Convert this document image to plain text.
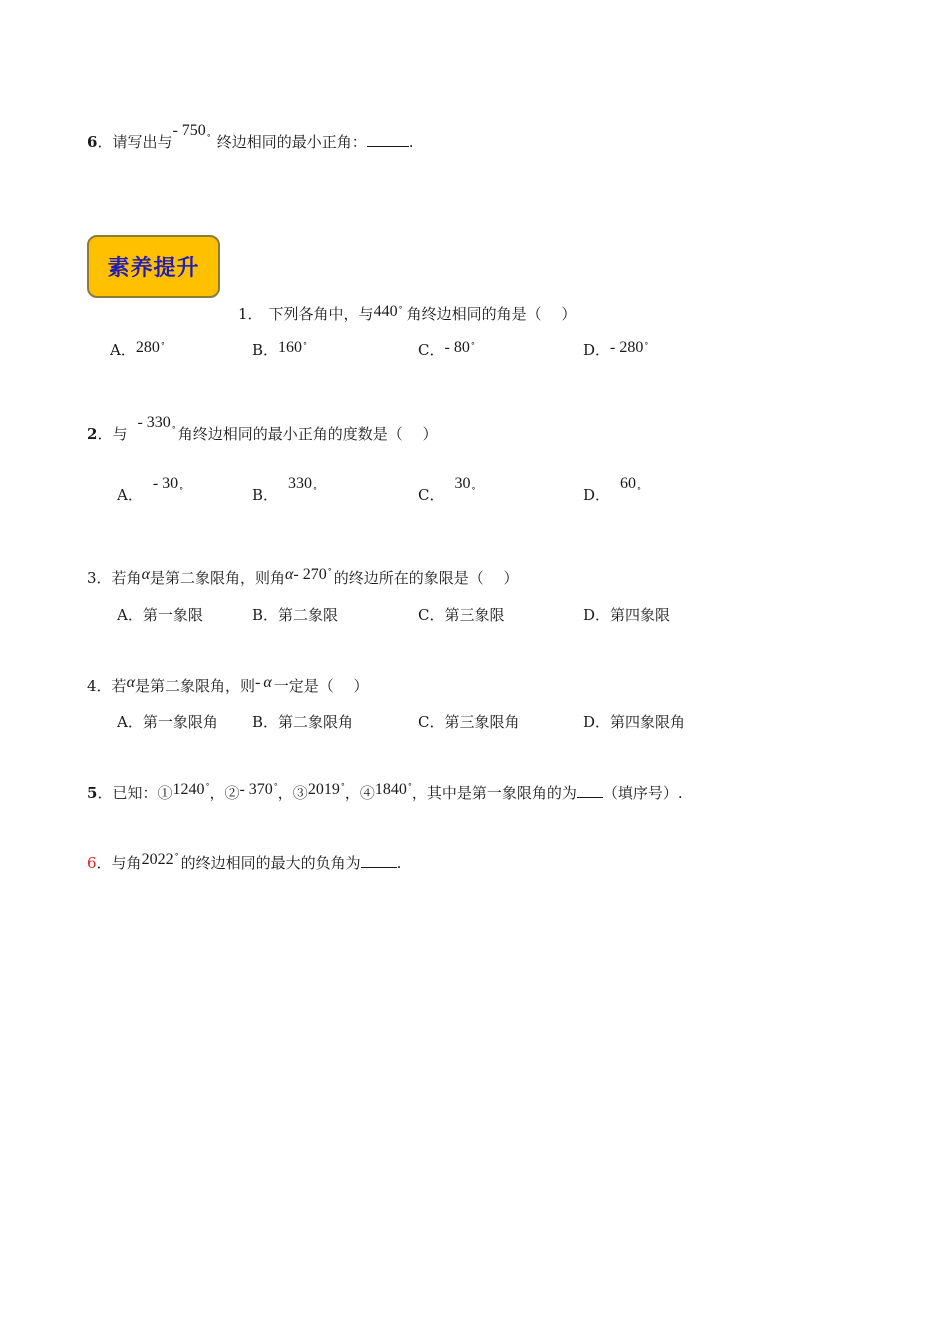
6．请写出与- 750° 终边相同的最小正角：	.
素养提升
1． 下列各角中，与440° 角终边相同的角是（　 ）
A．280°	B．160°	C．- 80°	D．- 280°
2．与- 330° 角终边相同的最小正角的度数是（　 ）
A．- 30°	B．330°	C．30°	D．60°
3．若角α是第二象限角，则角α- 270° 的终边所在的象限是（　 ）
A．第一象限	B．第二象限	C．第三象限	D．第四象限
4．若α是第二象限角，则- α 一定是（　 ）
A．第一象限角 B．第二象限角	C．第三象限角	D．第四象限角
5．已知：①1240°，②- 370°，③2019°，④1840°，其中是第一象限角的为 （填序号）.
6．与角2022° 的终边相同的最大的负角为 .
